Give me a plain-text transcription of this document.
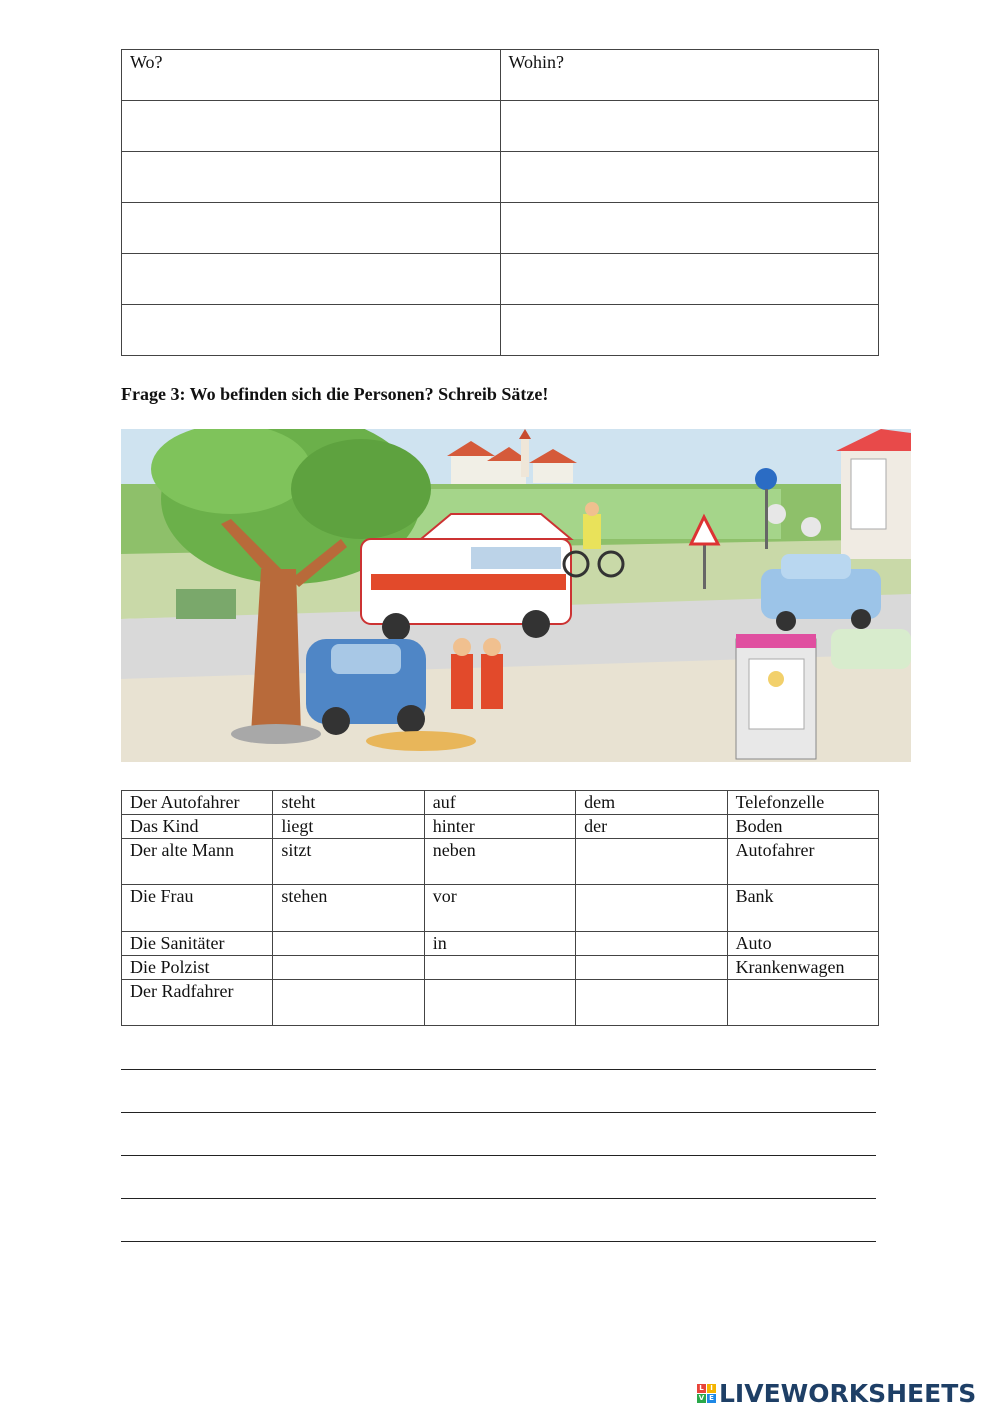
Wo?	Wohin?

Frage 3: Wo befinden sich die Personen? Schreib Sätze!
Der Autofahrer	steht	auf	dem	Telefonzelle
Das Kind	liegt	hinter	der	Boden
Der alte Mann	sitzt	neben		Autofahrer
Die Frau	stehen	vor		Bank
Die Sanitäter		in		Auto
Die Polzist				Krankenwagen
Der Radfahrer				
L I
V E LIVEWORKSHEETS
